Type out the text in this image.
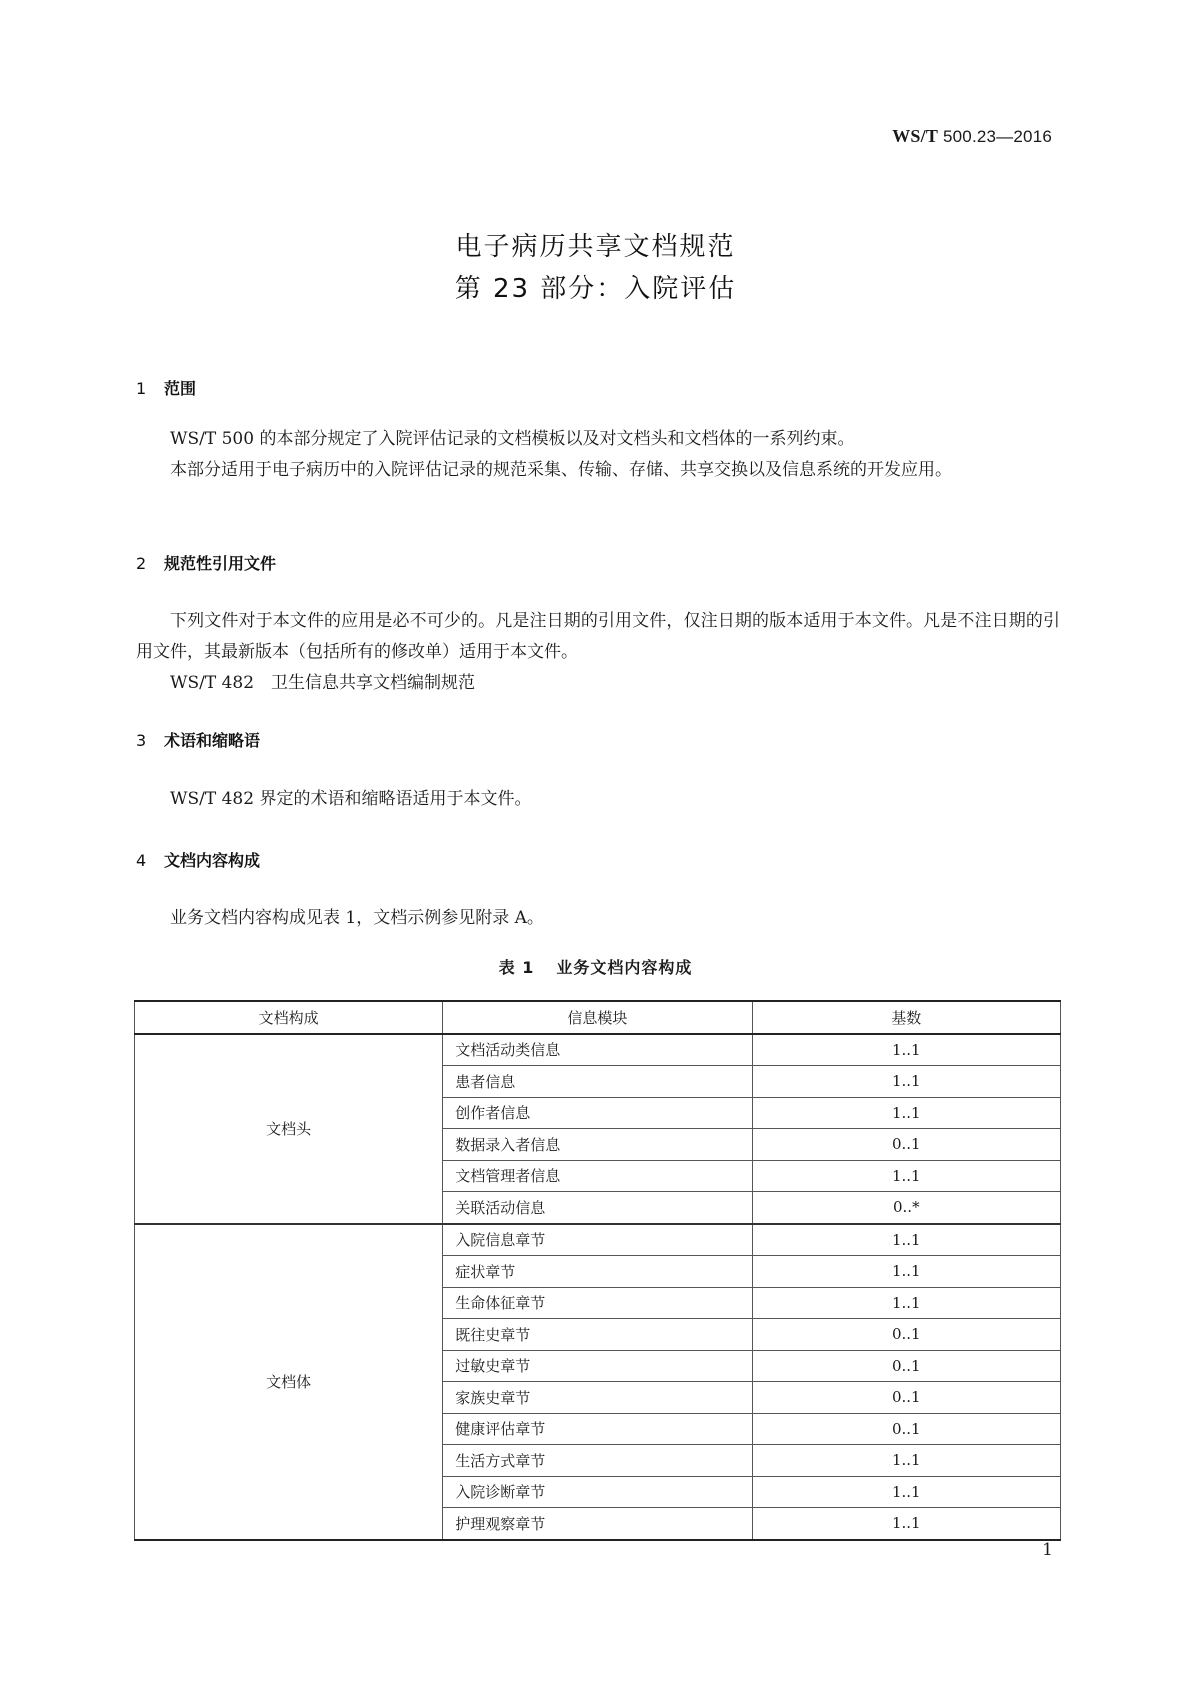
WS/T 500.23—2016
电子病历共享文档规范
第 23 部分：入院评估
1 范围

WS/T 500 的本部分规定了入院评估记录的文档模板以及对文档头和文档体的一系列约束。

本部分适用于电子病历中的入院评估记录的规范采集、传输、存储、共享交换以及信息系统的开发应用。

2 规范性引用文件

下列文件对于本文件的应用是必不可少的。凡是注日期的引用文件，仅注日期的版本适用于本文件。凡是不注日期的引用文件，其最新版本（包括所有的修改单）适用于本文件。

WS/T 482　卫生信息共享文档编制规范

3 术语和缩略语

WS/T 482 界定的术语和缩略语适用于本文件。

4 文档内容构成

业务文档内容构成见表 1，文档示例参见附录 A。

表 1 业务文档内容构成
文档构成	信息模块	基数
文档头	文档活动类信息	1..1
	患者信息	1..1
	创作者信息	1..1
	数据录入者信息	0..1
	文档管理者信息	1..1
	关联活动信息	0..*
文档体	入院信息章节	1..1
	症状章节	1..1
	生命体征章节	1..1
	既往史章节	0..1
	过敏史章节	0..1
	家族史章节	0..1
	健康评估章节	0..1
	生活方式章节	1..1
	入院诊断章节	1..1
	护理观察章节	1..1
1
